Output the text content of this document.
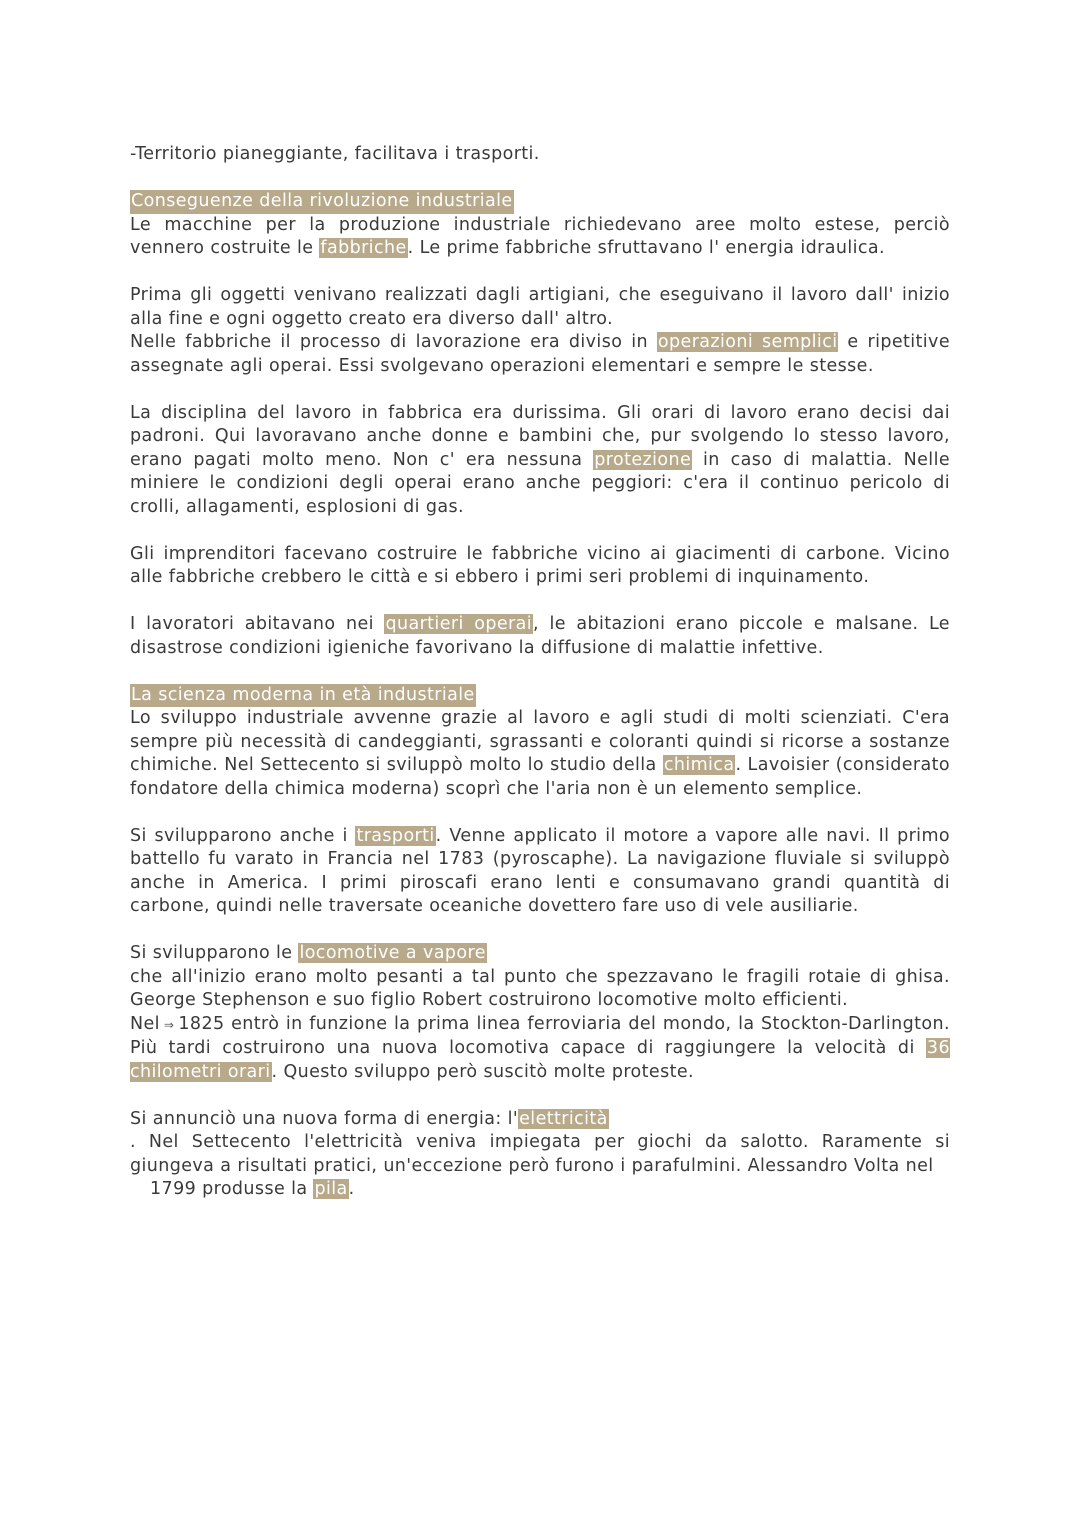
-Territorio pianeggiante, facilitava i trasporti.

Conseguenze della rivoluzione industriale

Le macchine per la produzione industriale richiedevano aree molto estese, perciò vennero costruite le fabbriche. Le prime fabbriche sfruttavano l' energia idraulica.

Prima gli oggetti venivano realizzati dagli artigiani, che eseguivano il lavoro dall' inizio alla fine e ogni oggetto creato era diverso dall' altro.
Nelle fabbriche il processo di lavorazione era diviso in operazioni semplici e ripetitive assegnate agli operai. Essi svolgevano operazioni elementari e sempre le stesse.

La disciplina del lavoro in fabbrica era durissima. Gli orari di lavoro erano decisi dai padroni. Qui lavoravano anche donne e bambini che, pur svolgendo lo stesso lavoro, erano pagati molto meno. Non c' era nessuna protezione in caso di malattia. Nelle miniere le condizioni degli operai erano anche peggiori: c'era il continuo pericolo di crolli, allagamenti, esplosioni di gas.

Gli imprenditori facevano costruire le fabbriche vicino ai giacimenti di carbone. Vicino alle fabbriche crebbero le città e si ebbero i primi seri problemi di inquinamento.

I lavoratori abitavano nei quartieri operai, le abitazioni erano piccole e malsane. Le disastrose condizioni igieniche favorivano la diffusione di malattie infettive.

La scienza moderna in età industriale

Lo sviluppo industriale avvenne grazie al lavoro e agli studi di molti scienziati. C'era sempre più necessità di candeggianti, sgrassanti e coloranti quindi si ricorse a sostanze chimiche. Nel Settecento si sviluppò molto lo studio della chimica. Lavoisier (considerato fondatore della chimica moderna) scoprì che l'aria non è un elemento semplice.

Si svilupparono anche i trasporti. Venne applicato il motore a vapore alle navi. Il primo battello fu varato in Francia nel 1783 (pyroscaphe). La navigazione fluviale si sviluppò anche in America. I primi piroscafi erano lenti e consumavano grandi quantità di carbone, quindi nelle traversate oceaniche dovettero fare uso di vele ausiliarie.

Si svilupparono le locomotive a vapore
che all'inizio erano molto pesanti a tal punto che spezzavano le fragili rotaie di ghisa. George Stephenson e suo figlio Robert costruirono locomotive molto efficienti.
Nel ⇒ 1825 entrò in funzione la prima linea ferroviaria del mondo, la Stockton-Darlington. Più tardi costruirono una nuova locomotiva capace di raggiungere la velocità di 36 chilometri orari. Questo sviluppo però suscitò molte proteste.

Si annunciò una nuova forma di energia: l'elettricità
. Nel Settecento l'elettricità veniva impiegata per giochi da salotto. Raramente si giungeva a risultati pratici, un'eccezione però furono i parafulmini. Alessandro Volta nel
1799 produsse la pila.
